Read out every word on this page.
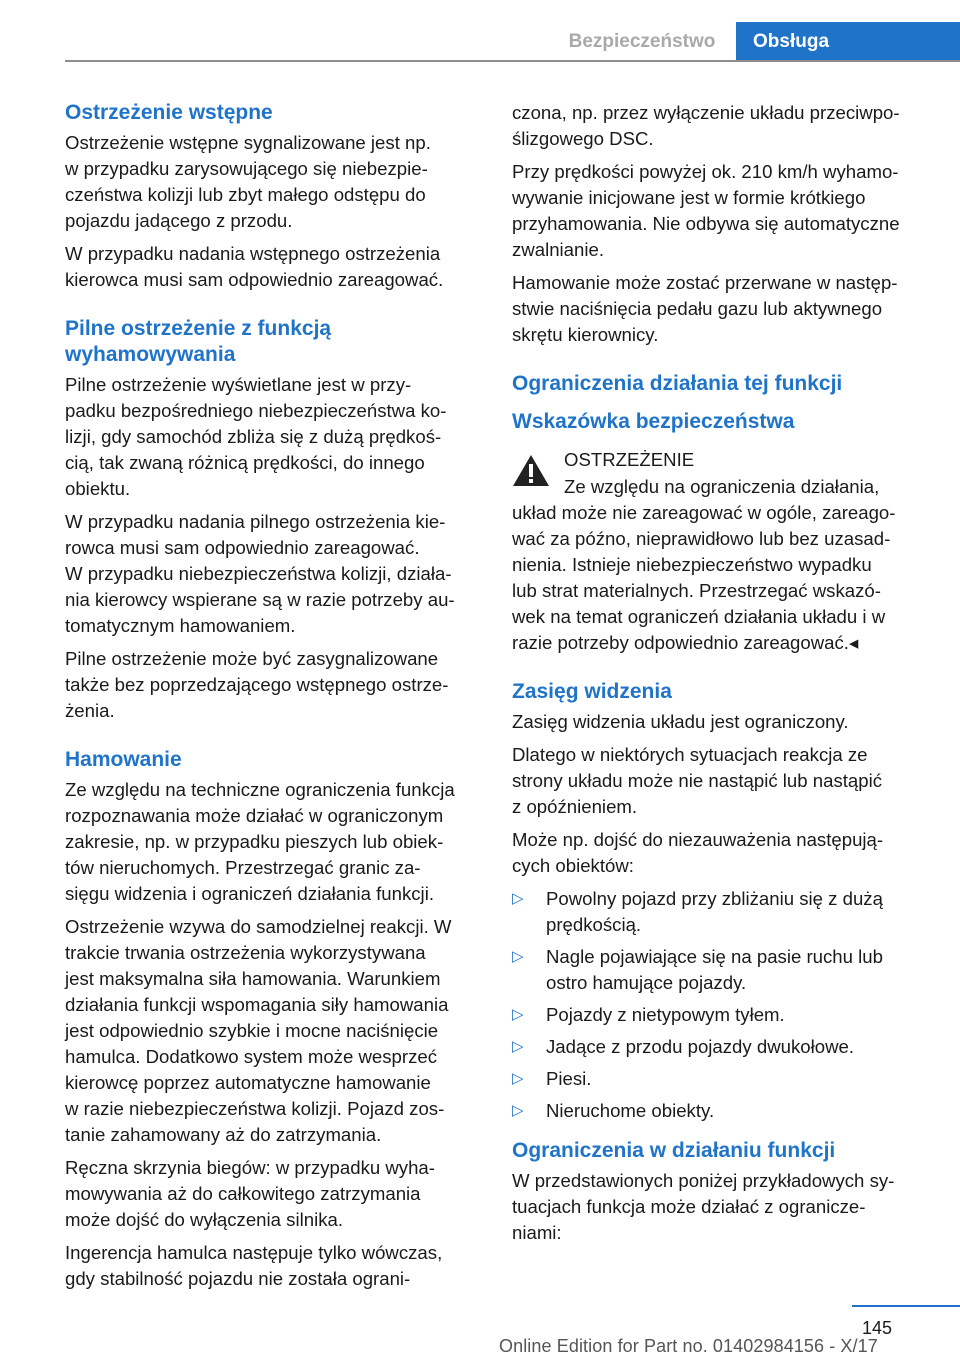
Bezpieczeństwo	Obsługa
Ostrzeżenie wstępne

Ostrzeżenie wstępne sygnalizowane jest np.
w przypadku zarysowującego się niebezpie-
czeństwa kolizji lub zbyt małego odstępu do
pojazdu jadącego z przodu.

W przypadku nadania wstępnego ostrzeżenia
kierowca musi sam odpowiednio zareagować.

Pilne ostrzeżenie z funkcją
wyhamowywania

Pilne ostrzeżenie wyświetlane jest w przy-
padku bezpośredniego niebezpieczeństwa ko-
lizji, gdy samochód zbliża się z dużą prędkoś-
cią, tak zwaną różnicą prędkości, do innego
obiektu.

W przypadku nadania pilnego ostrzeżenia kie-
rowca musi sam odpowiednio zareagować.
W przypadku niebezpieczeństwa kolizji, działa-
nia kierowcy wspierane są w razie potrzeby au-
tomatycznym hamowaniem.

Pilne ostrzeżenie może być zasygnalizowane
także bez poprzedzającego wstępnego ostrze-
żenia.

Hamowanie

Ze względu na techniczne ograniczenia funkcja
rozpoznawania może działać w ograniczonym
zakresie, np. w przypadku pieszych lub obiek-
tów nieruchomych. Przestrzegać granic za-
sięgu widzenia i ograniczeń działania funkcji.

Ostrzeżenie wzywa do samodzielnej reakcji. W
trakcie trwania ostrzeżenia wykorzystywana
jest maksymalna siła hamowania. Warunkiem
działania funkcji wspomagania siły hamowania
jest odpowiednio szybkie i mocne naciśnięcie
hamulca. Dodatkowo system może wesprzeć
kierowcę poprzez automatyczne hamowanie
w razie niebezpieczeństwa kolizji. Pojazd zos-
tanie zahamowany aż do zatrzymania.

Ręczna skrzynia biegów: w przypadku wyha-
mowywania aż do całkowitego zatrzymania
może dojść do wyłączenia silnika.

Ingerencja hamulca następuje tylko wówczas,
gdy stabilność pojazdu nie została ograni-

czona, np. przez wyłączenie układu przeciwpo-
ślizgowego DSC.

Przy prędkości powyżej ok. 210 km/h wyhamo-
wywanie inicjowane jest w formie krótkiego
przyhamowania. Nie odbywa się automatyczne
zwalnianie.

Hamowanie może zostać przerwane w następ-
stwie naciśnięcia pedału gazu lub aktywnego
skrętu kierownicy.

Ograniczenia działania tej funkcji
Wskazówka bezpieczeństwa
OSTRZEŻENIE

Ze względu na ograniczenia działania,
układ może nie zareagować w ogóle, zareago-
wać za późno, nieprawidłowo lub bez uzasad-
nienia. Istnieje niebezpieczeństwo wypadku
lub strat materialnych. Przestrzegać wskazó-
wek na temat ograniczeń działania układu i w
razie potrzeby odpowiednio zareagować.◂

Zasięg widzenia

Zasięg widzenia układu jest ograniczony.

Dlatego w niektórych sytuacjach reakcja ze
strony układu może nie nastąpić lub nastąpić
z opóźnieniem.

Może np. dojść do niezauważenia następują-
cych obiektów:

▷ Powolny pojazd przy zbliżaniu się z dużą
prędkością.
▷ Nagle pojawiające się na pasie ruchu lub
ostro hamujące pojazdy.
▷ Pojazdy z nietypowym tyłem.
▷ Jadące z przodu pojazdy dwukołowe.
▷ Piesi.
▷ Nieruchome obiekty.
Ograniczenia w działaniu funkcji

W przedstawionych poniżej przykładowych sy-
tuacjach funkcja może działać z ogranicze-
niami:

145
Online Edition for Part no. 01402984156 - X/17
